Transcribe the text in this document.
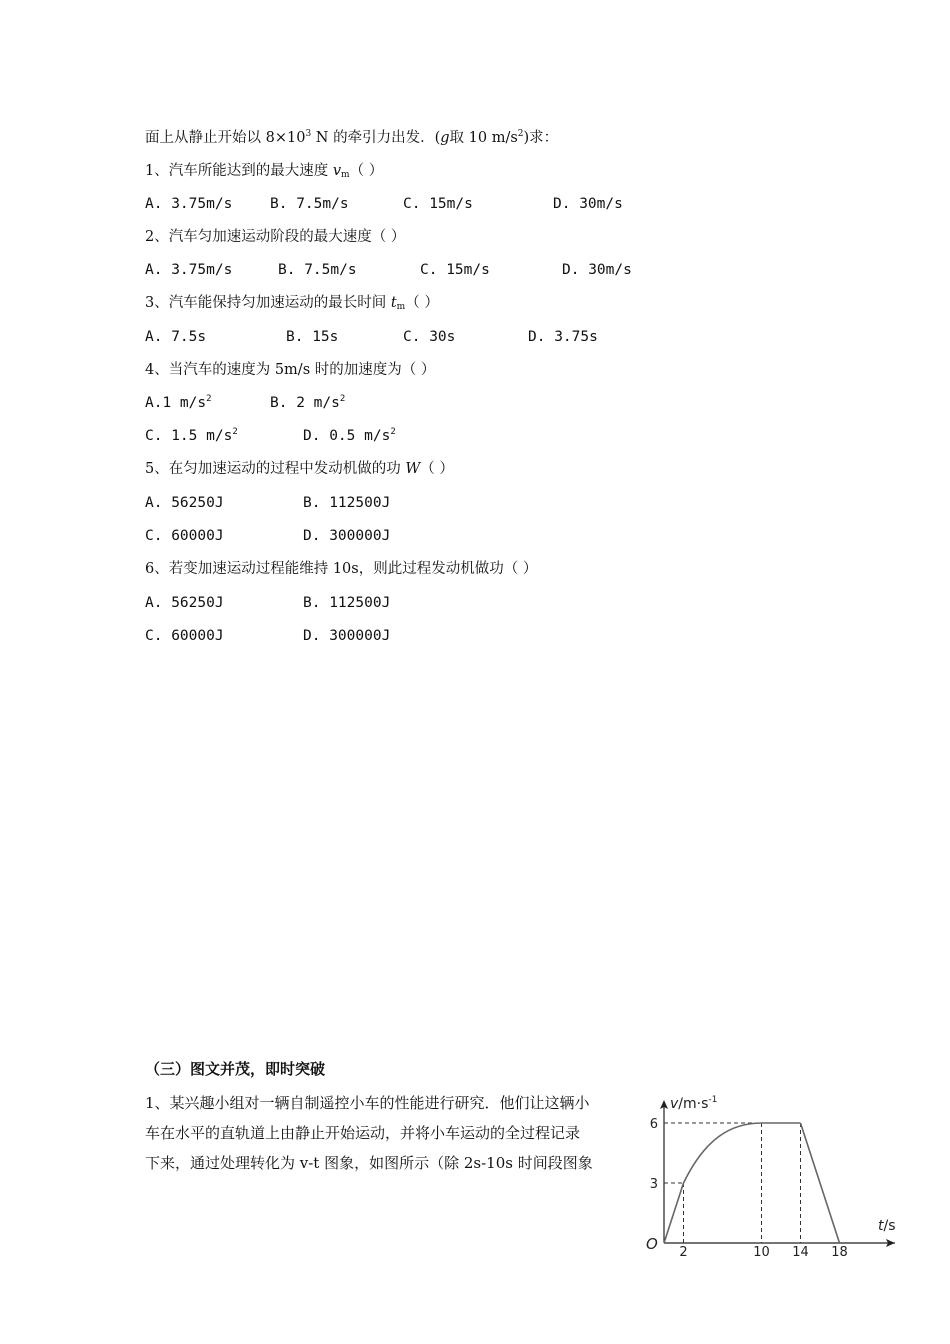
面上从静止开始以 $8\times 10^3$ N 的牵引力出发．(g取 10 $m/s^2$)求：
1、汽车所能达到的最大速度 $v_m$（ ）
A. 3.75m/s	B. 7.5m/s	C. 15m/s	D. 30m/s
2、汽车匀加速运动阶段的最大速度（ ）
A. 3.75m/s	B. 7.5m/s	C. 15m/s	D. 30m/s
3、汽车能保持匀加速运动的最长时间 $t_m$（ ）
A. 7.5s	B. 15s	C. 30s	D. 3.75s
4、当汽车的速度为 5m/s 时的加速度为（ ）
A.1 $m/s^2$	B. 2 $m/s^2$
C. 1.5 $m/s^2$	D. 0.5 $m/s^2$
5、在匀加速运动的过程中发动机做的功 W（ ）
A. 56250J	B. 112500J
C. 60000J	D. 300000J
6、若变加速运动过程能维持 10s，则此过程发动机做功（ ）
A. 56250J	B. 112500J
C. 60000J	D. 300000J
（三）图文并茂，即时突破
1、某兴趣小组对一辆自制遥控小车的性能进行研究．他们让这辆小
车在水平的直轨道上由静止开始运动，并将小车运动的全过程记录
下来，通过处理转化为 v-t 图象，如图所示（除 2s-10s 时间段图象
$v/m\cdot s^{-1}$
t/s
O 2	10 14 18
3
6
